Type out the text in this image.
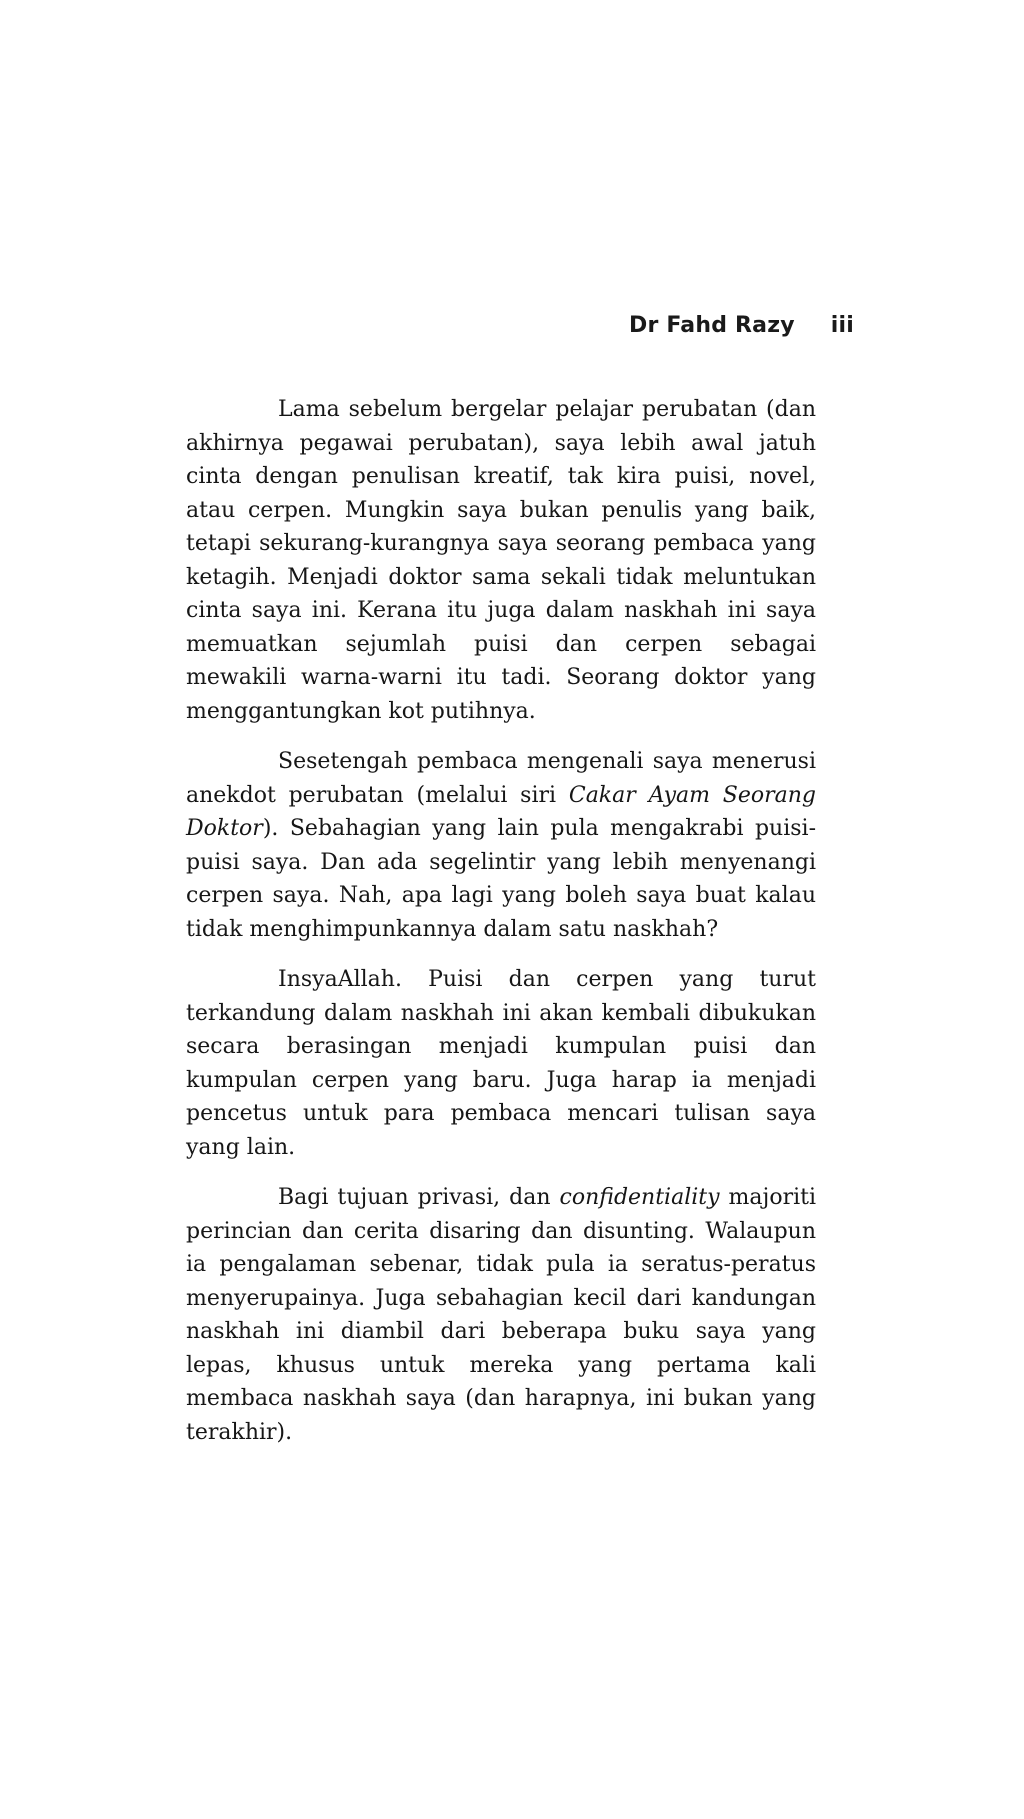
Dr Fahd Razy iii

Lama sebelum bergelar pelajar perubatan (dan akhirnya pegawai perubatan), saya lebih awal jatuh cinta dengan penulisan kreatif, tak kira puisi, novel, atau cerpen. Mungkin saya bukan penulis yang baik, tetapi sekurang-kurangnya saya seorang pembaca yang ketagih. Menjadi doktor sama sekali tidak meluntukan cinta saya ini. Kerana itu juga dalam naskhah ini saya memuatkan sejumlah puisi dan cerpen sebagai mewakili warna-warni itu tadi. Seorang doktor yang menggantungkan kot putihnya.

Sesetengah pembaca mengenali saya menerusi anekdot perubatan (melalui siri Cakar Ayam Seorang Doktor). Sebahagian yang lain pula mengakrabi puisi-puisi saya. Dan ada segelintir yang lebih menyenangi cerpen saya. Nah, apa lagi yang boleh saya buat kalau tidak menghimpunkannya dalam satu naskhah?

InsyaAllah. Puisi dan cerpen yang turut terkandung dalam naskhah ini akan kembali dibukukan secara berasingan menjadi kumpulan puisi dan kumpulan cerpen yang baru. Juga harap ia menjadi pencetus untuk para pembaca mencari tulisan saya yang lain.

Bagi tujuan privasi, dan confidentiality majoriti perincian dan cerita disaring dan disunting. Walaupun ia pengalaman sebenar, tidak pula ia seratus-peratus menyerupainya. Juga sebahagian kecil dari kandungan naskhah ini diambil dari beberapa buku saya yang lepas, khusus untuk mereka yang pertama kali membaca naskhah saya (dan harapnya, ini bukan yang terakhir).
